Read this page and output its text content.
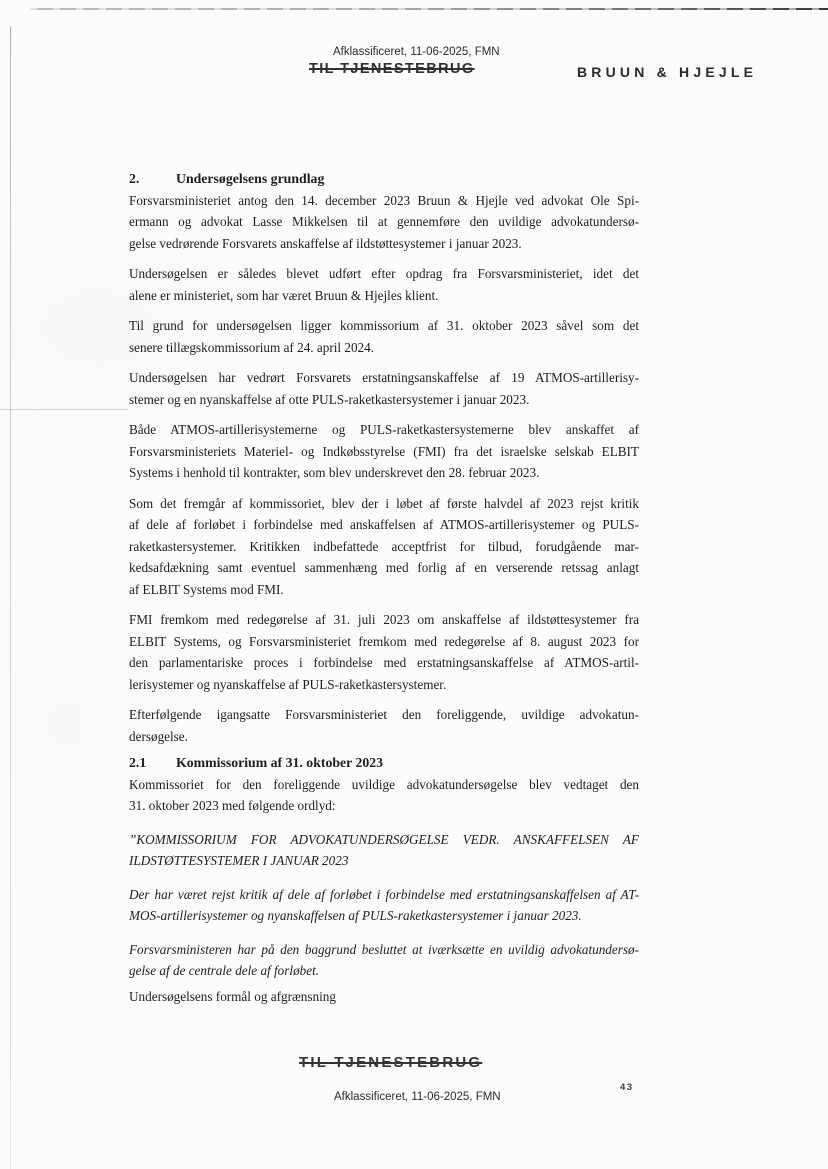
Afklassificeret, 11-06-2025, FMN
TIL TJENESTEBRUG	BRUUN & HJEJLE
2.	Undersøgelsens grundlag
Forsvarsministeriet antog den 14. december 2023 Bruun & Hjejle ved advokat Ole Spi-
ermann og advokat Lasse Mikkelsen til at gennemføre den uvildige advokatundersø-
gelse vedrørende Forsvarets anskaffelse af ildstøttesystemer i januar 2023.
Undersøgelsen er således blevet udført efter opdrag fra Forsvarsministeriet, idet det
alene er ministeriet, som har været Bruun & Hjejles klient.
Til grund for undersøgelsen ligger kommissorium af 31. oktober 2023 såvel som det
senere tillægskommissorium af 24. april 2024.
Undersøgelsen har vedrørt Forsvarets erstatningsanskaffelse af 19 ATMOS-artillerisy-
stemer og en nyanskaffelse af otte PULS-raketkastersystemer i januar 2023.
Både ATMOS-artillerisystemerne og PULS-raketkastersystemerne blev anskaffet af
Forsvarsministeriets Materiel- og Indkøbsstyrelse (FMI) fra det israelske selskab ELBIT
Systems i henhold til kontrakter, som blev underskrevet den 28. februar 2023.
Som det fremgår af kommissoriet, blev der i løbet af første halvdel af 2023 rejst kritik
af dele af forløbet i forbindelse med anskaffelsen af ATMOS-artillerisystemer og PULS-
raketkastersystemer. Kritikken indbefattede acceptfrist for tilbud, forudgående mar-
kedsafdækning samt eventuel sammenhæng med forlig af en verserende retssag anlagt
af ELBIT Systems mod FMI.
FMI fremkom med redegørelse af 31. juli 2023 om anskaffelse af ildstøttesystemer fra
ELBIT Systems, og Forsvarsministeriet fremkom med redegørelse af 8. august 2023 for
den parlamentariske proces i forbindelse med erstatningsanskaffelse af ATMOS-artil-
lerisystemer og nyanskaffelse af PULS-raketkastersystemer.
Efterfølgende igangsatte Forsvarsministeriet den foreliggende, uvildige advokatun-
dersøgelse.
2.1 Kommissorium af 31. oktober 2023
Kommissoriet for den foreliggende uvildige advokatundersøgelse blev vedtaget den
31. oktober 2023 med følgende ordlyd:
”KOMMISSORIUM FOR ADVOKATUNDERSØGELSE VEDR. ANSKAFFELSEN AF
ILDSTØTTESYSTEMER I JANUAR 2023
Der har været rejst kritik af dele af forløbet i forbindelse med erstatningsanskaffelsen af AT-
MOS-artillerisystemer og nyanskaffelsen af PULS-raketkastersystemer i januar 2023.
Forsvarsministeren har på den baggrund besluttet at iværksætte en uvildig advokatundersø-
gelse af de centrale dele af forløbet.
Undersøgelsens formål og afgrænsning
TIL TJENESTEBRUG
Afklassificeret, 11-06-2025, FMN
43
